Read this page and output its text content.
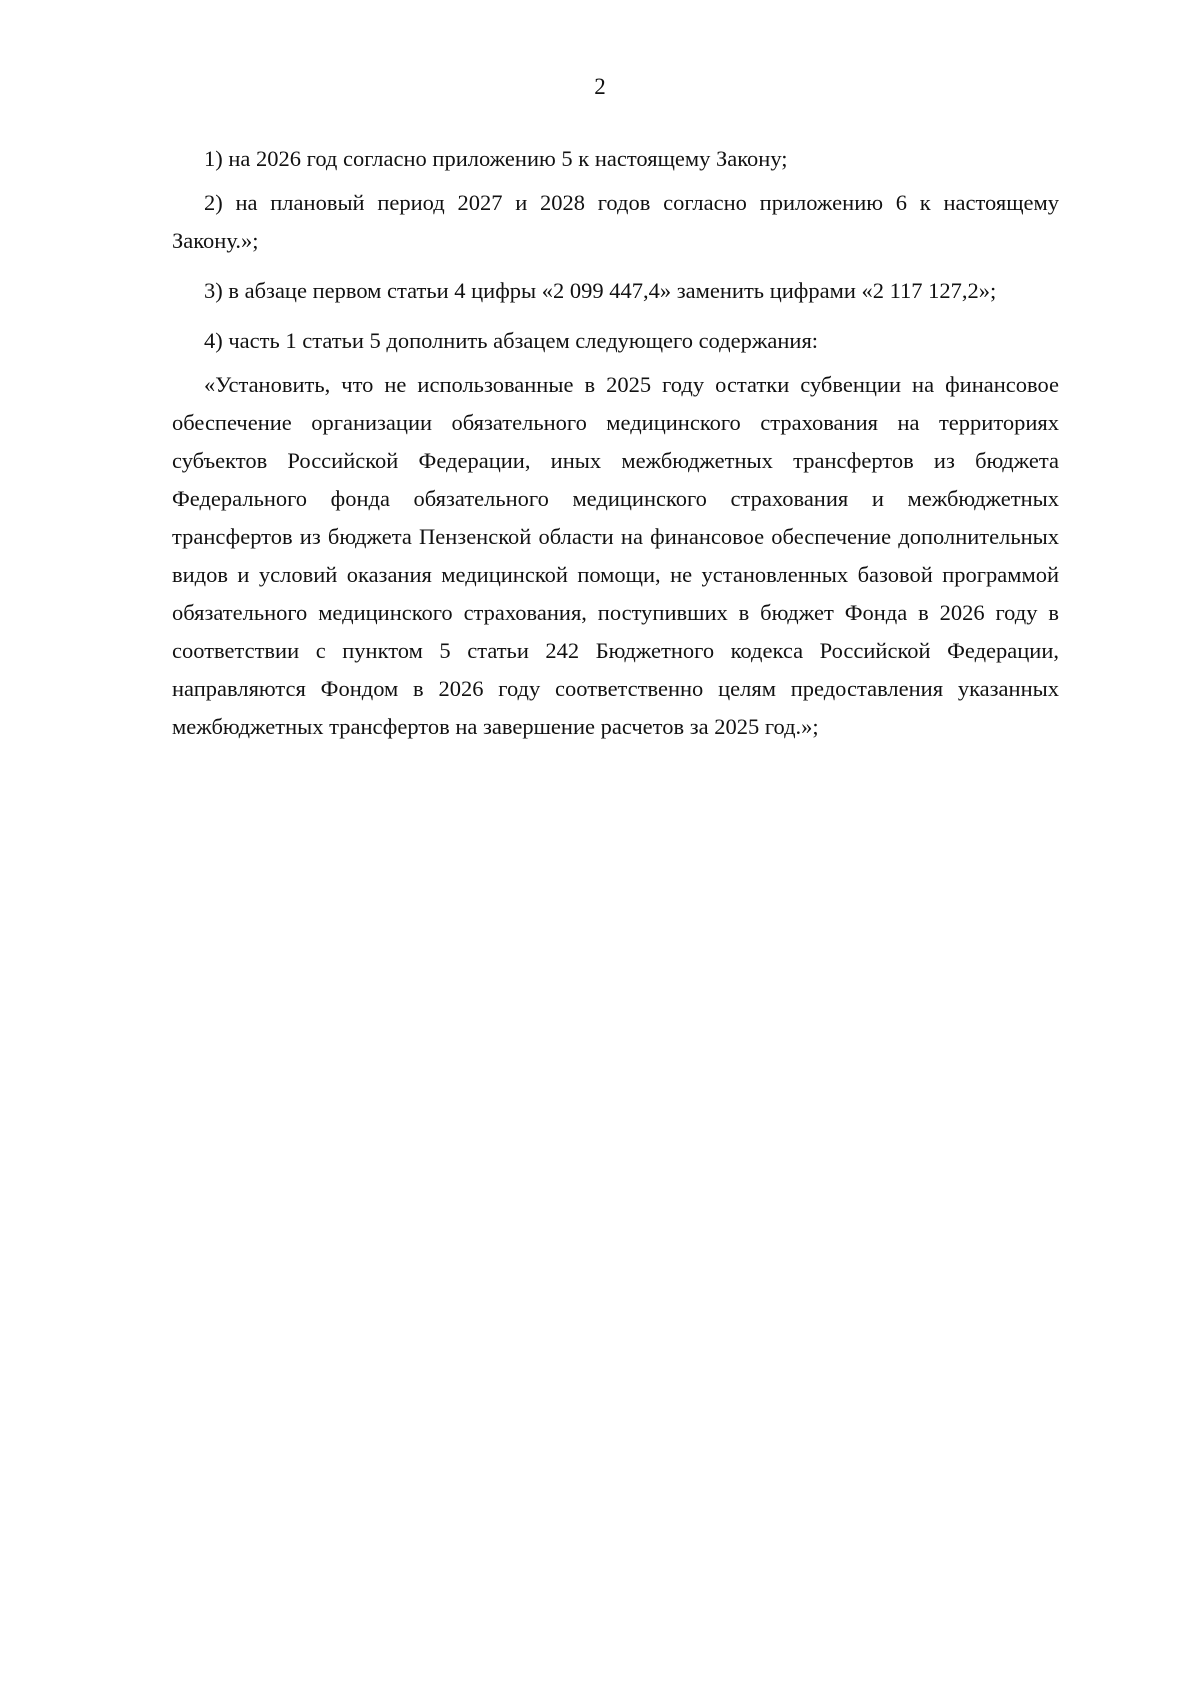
2

1) на 2026 год согласно приложению 5 к настоящему Закону;

2) на плановый период 2027 и 2028 годов согласно приложению 6 к настоящему Закону.»;

3) в абзаце первом статьи 4 цифры «2 099 447,4» заменить цифрами «2 117 127,2»;

4) часть 1 статьи 5 дополнить абзацем следующего содержания:

«Установить, что не использованные в 2025 году остатки субвенции на финансовое обеспечение организации обязательного медицинского страхования на территориях субъектов Российской Федерации, иных межбюджетных трансфертов из бюджета Федерального фонда обязательного медицинского страхования и межбюджетных трансфертов из бюджета Пензенской области на финансовое обеспечение дополнительных видов и условий оказания медицинской помощи, не установленных базовой программой обязательного медицинского страхования, поступивших в бюджет Фонда в 2026 году в соответствии с пунктом 5 статьи 242 Бюджетного кодекса Российской Федерации, направляются Фондом в 2026 году соответственно целям предоставления указанных межбюджетных трансфертов на завершение расчетов за 2025 год.»;
